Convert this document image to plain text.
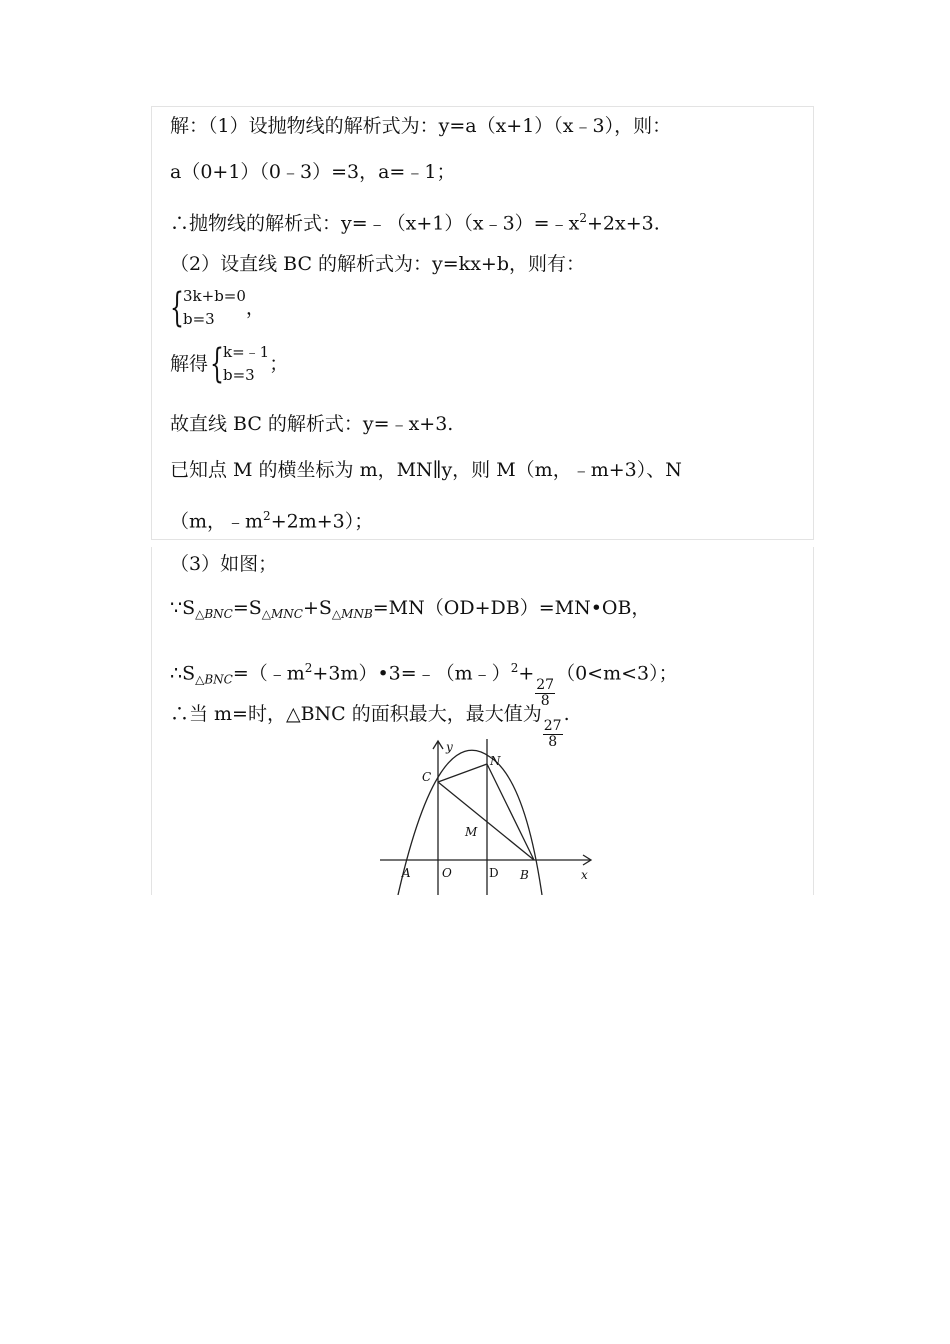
解：（1）设抛物线的解析式为：y=a（x+1）（x﹣3），则：
a（0+1）（0﹣3）=3，a=﹣1；
∴抛物线的解析式：$y=﹣(x+1)(x﹣3)=﹣x^2+2x+3$.
（2）设直线 BC 的解析式为：y=kx+b，则有：
{ 3k+b=0
b=3
，
解得 { k=﹣1
b=3
；
故直线 BC 的解析式：y=﹣x+3.
已知点 M 的横坐标为 m，MN∥y，则 M（m，﹣m+3）、N
（m，$﹣m^2+2m+3$）；
（3）如图；
$\because S_{\triangle BNC}=S_{\triangle MNC}+S_{\triangle MNB}=MN(OD+DB)=MN•OB$，
$\therefore S_{\triangle BNC}=(﹣m^2+3m)•3=﹣(m﹣)^2+$
$\frac{27}{8}$
（0<m<3）；
∴当 m=时，△BNC 的面积最大，最大值为
$\frac{27}{8}$
.
y
x
C
N
M
A	O	D B
